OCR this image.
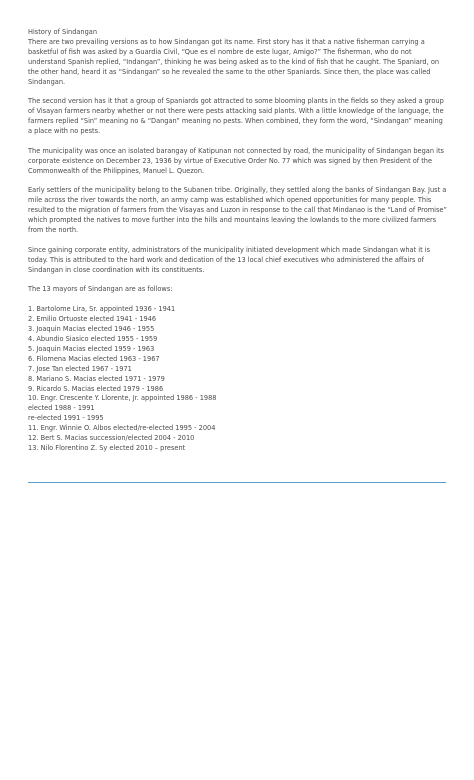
History of Sindangan

There are two prevailing versions as to how Sindangan got its name. First story has it that a native fisherman carrying a basketful of fish was asked by a Guardia Civil, “Que es el nombre de este lugar, Amigo?” The fisherman, who do not understand Spanish replied, “Indangan”, thinking he was being asked as to the kind of fish that he caught. The Spaniard, on the other hand, heard it as “Sindangan” so he revealed the same to the other Spaniards. Since then, the place was called Sindangan.

The second version has it that a group of Spaniards got attracted to some blooming plants in the fields so they asked a group of Visayan farmers nearby whether or not there were pests attacking said plants. With a little knowledge of the language, the farmers replied “Sin” meaning no & “Dangan” meaning no pests. When combined, they form the word, “Sindangan” meaning a place with no pests.

The municipality was once an isolated barangay of Katipunan not connected by road, the municipality of Sindangan began its corporate existence on December 23, 1936 by virtue of Executive Order No. 77 which was signed by then President of the Commonwealth of the Philippines, Manuel L. Quezon.

Early settlers of the municipality belong to the Subanen tribe. Originally, they settled along the banks of Sindangan Bay. Just a mile across the river towards the north, an army camp was established which opened opportunities for many people. This resulted to the migration of farmers from the Visayas and Luzon in response to the call that Mindanao is the “Land of Promise” which prompted the natives to move further into the hills and mountains leaving the lowlands to the more civilized farmers from the north.

Since gaining corporate entity, administrators of the municipality initiated development which made Sindangan what it is today. This is attributed to the hard work and dedication of the 13 local chief executives who administered the affairs of Sindangan in close coordination with its constituents.

The 13 mayors of Sindangan are as follows:

1. Bartolome Lira, Sr. appointed 1936 - 1941
2. Emilio Ortuoste elected 1941 - 1946
3. Joaquin Macias elected 1946 - 1955
4. Abundio Siasico elected 1955 - 1959
5. Joaquin Macias elected 1959 - 1963
6. Filomena Macias elected 1963 - 1967
7. Jose Tan elected 1967 - 1971
8. Mariano S. Macias elected 1971 - 1979
9. Ricardo S. Macias elected 1979 - 1986
10. Engr. Crescente Y. Llorente, Jr. appointed 1986 - 1988
elected 1988 - 1991
re-elected 1991 - 1995
11. Engr. Winnie O. Albos elected/re-elected 1995 - 2004
12. Bert S. Macias succession/elected 2004 - 2010
13. Nilo Florentino Z. Sy elected 2010 – present
